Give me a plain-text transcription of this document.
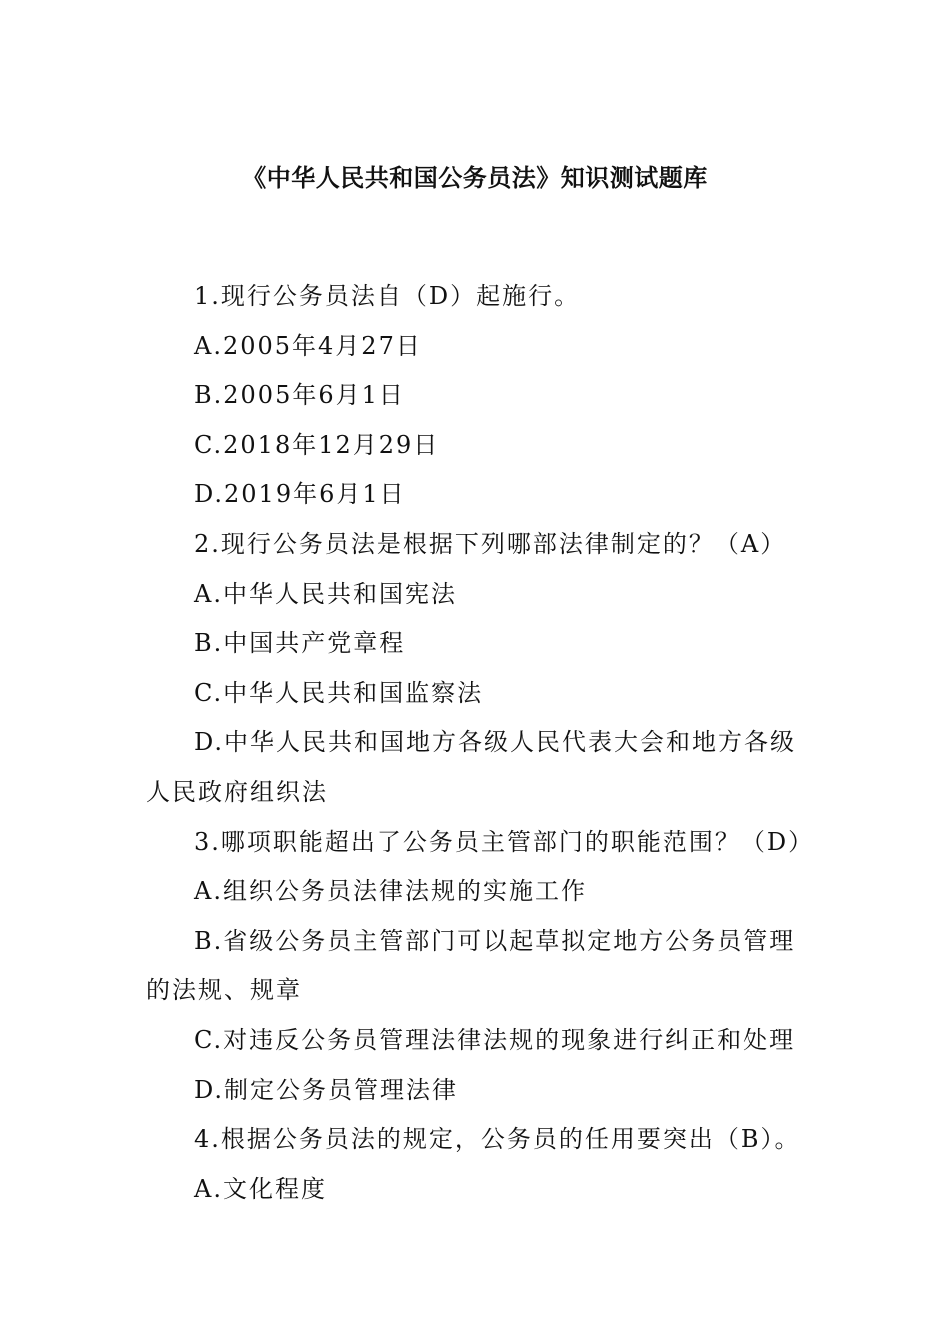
《中华人民共和国公务员法》知识测试题库

1.现行公务员法自（D）起施行。

A.2005年4月27日

B.2005年6月1日

C.2018年12月29日

D.2019年6月1日

2.现行公务员法是根据下列哪部法律制定的？（A）

A.中华人民共和国宪法

B.中国共产党章程

C.中华人民共和国监察法

D.中华人民共和国地方各级人民代表大会和地方各级人民政府组织法

3.哪项职能超出了公务员主管部门的职能范围？（D）

A.组织公务员法律法规的实施工作

B.省级公务员主管部门可以起草拟定地方公务员管理的法规、规章

C.对违反公务员管理法律法规的现象进行纠正和处理

D.制定公务员管理法律

4.根据公务员法的规定，公务员的任用要突出（B）。

A.文化程度
